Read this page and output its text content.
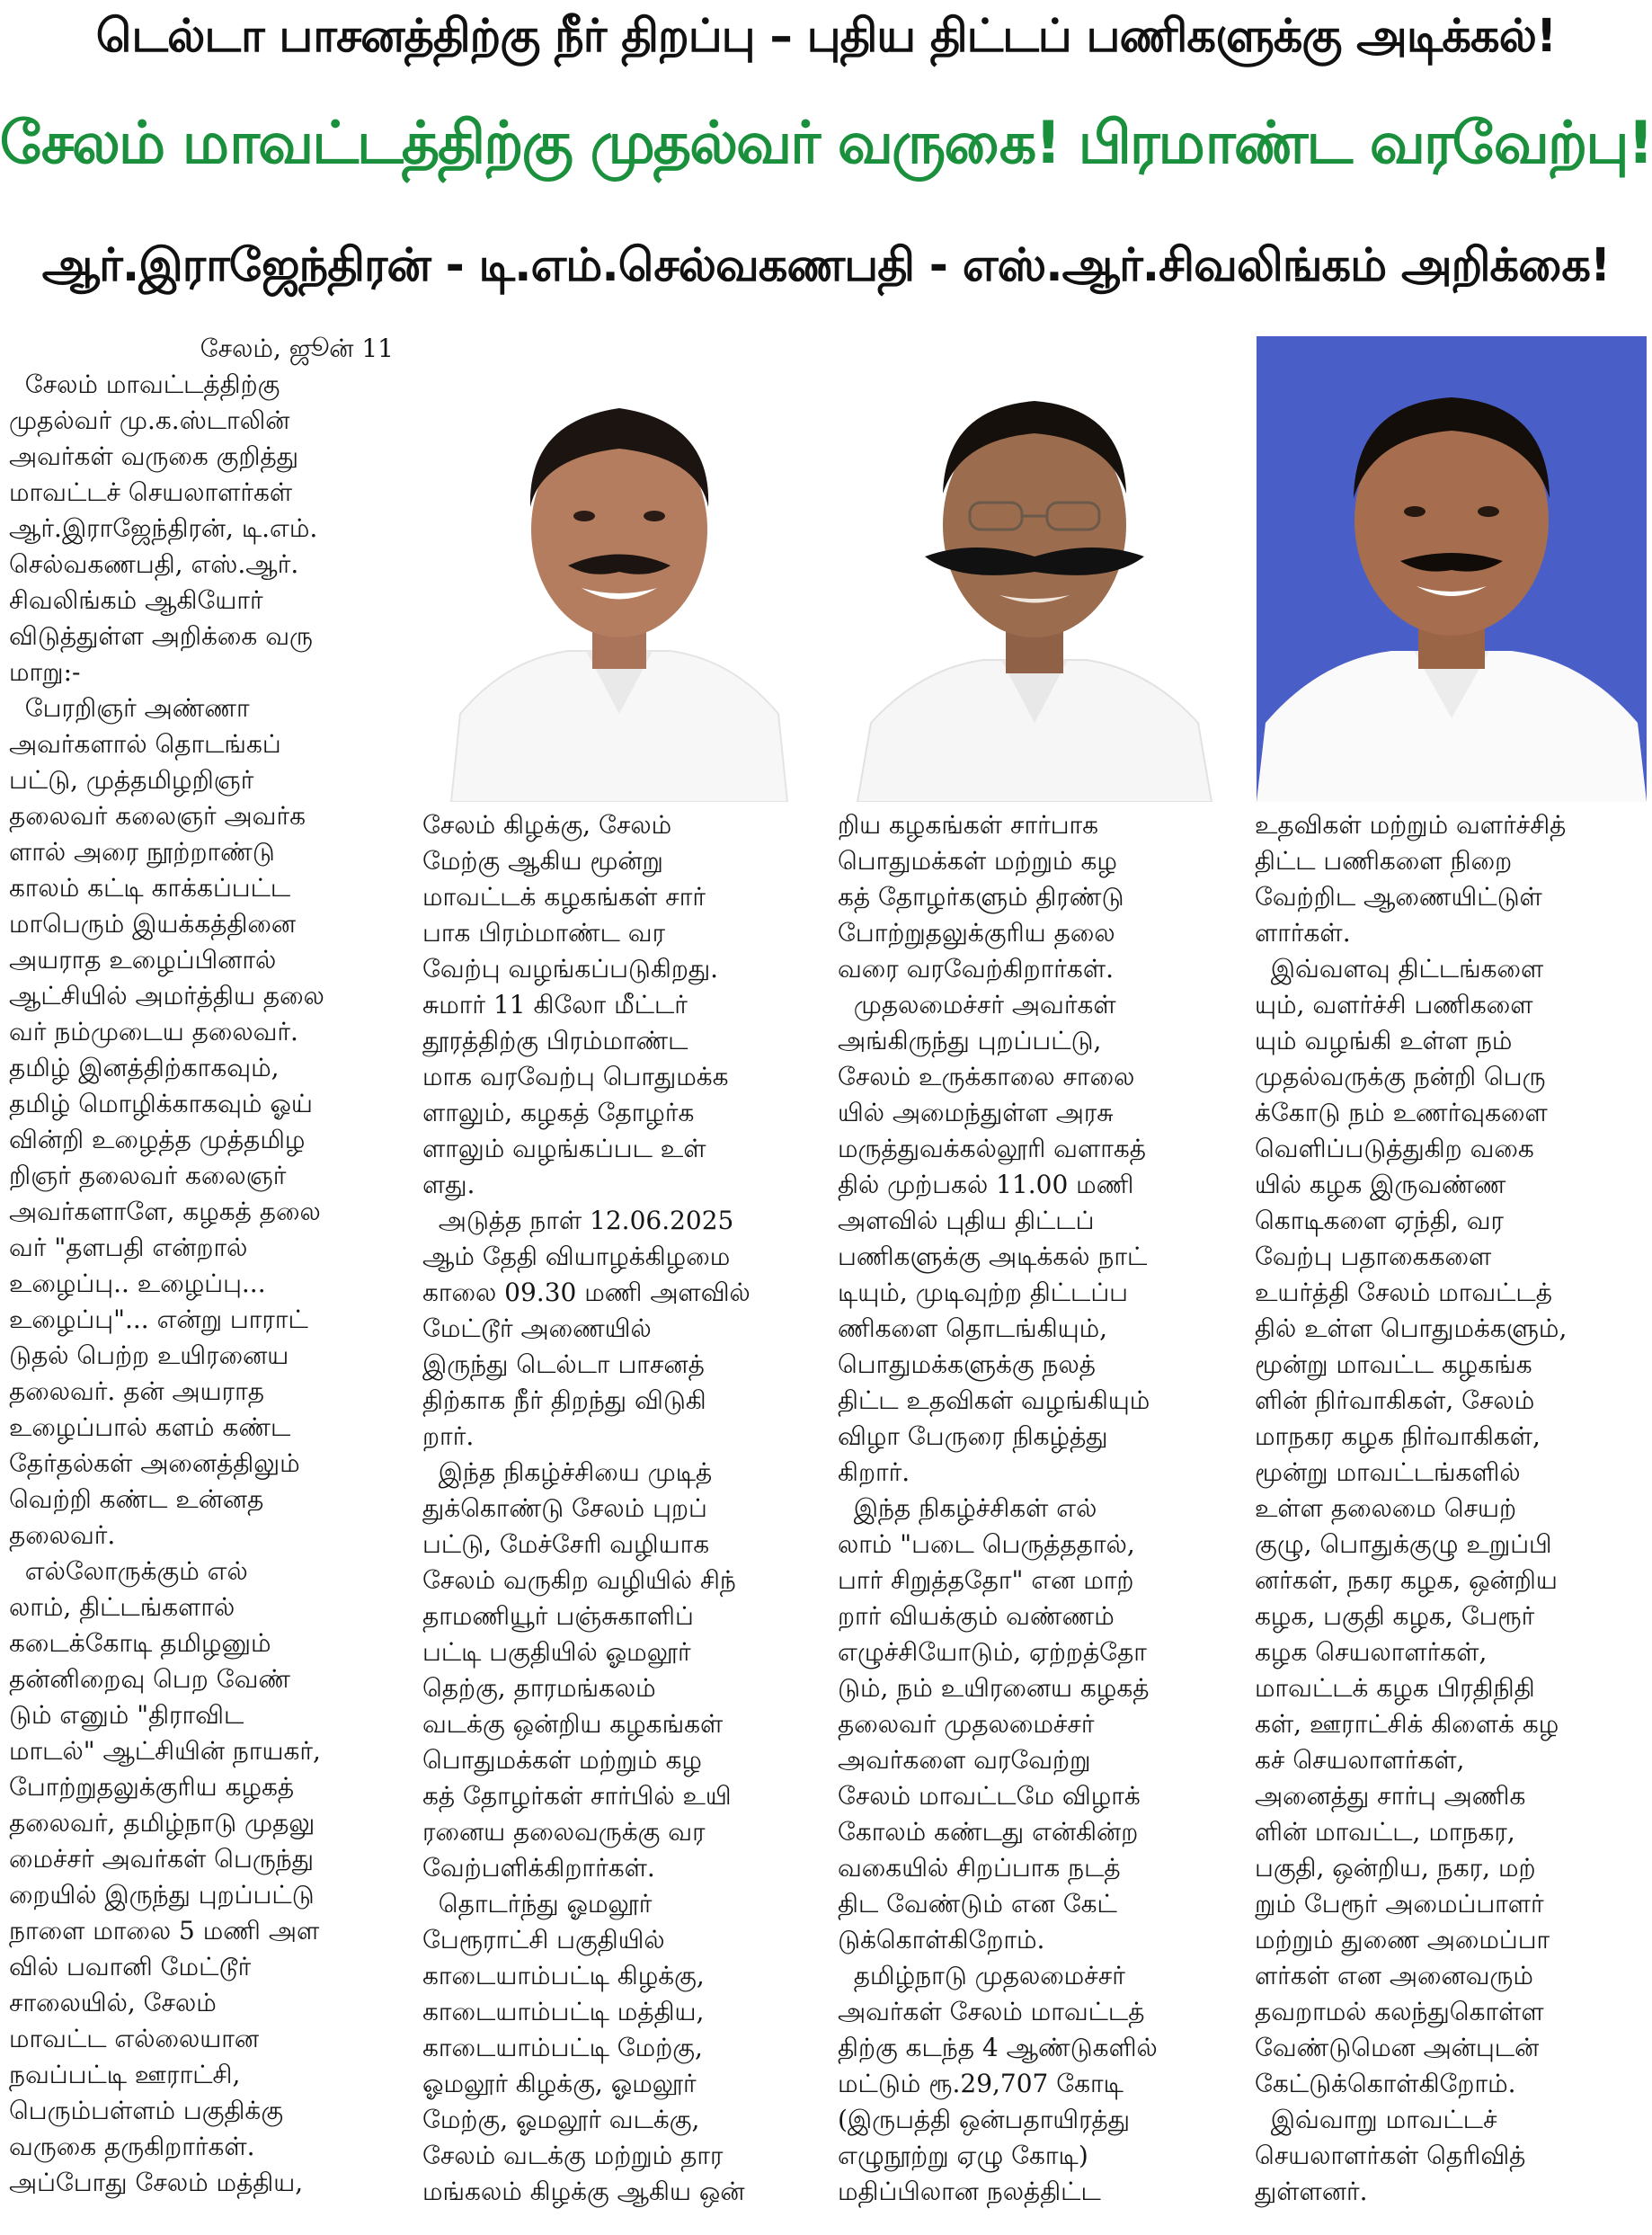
டெல்டா பாசனத்திற்கு நீர் திறப்பு – புதிய திட்டப் பணிகளுக்கு அடிக்கல்!
சேலம் மாவட்டத்திற்கு முதல்வர் வருகை! பிரமாண்ட வரவேற்பு!
ஆர்.இராஜேந்திரன் - டி.எம்.செல்வகணபதி - எஸ்.ஆர்.சிவலிங்கம் அறிக்கை!
சேலம், ஜூன் 11
சேலம் மாவட்டத்திற்கு
முதல்வர் மு.க.ஸ்டாலின்
அவர்கள் வருகை குறித்து
மாவட்டச் செயலாளர்கள்
ஆர்.இராஜேந்திரன், டி.எம்.
செல்வகணபதி, எஸ்.ஆர்.
சிவலிங்கம் ஆகியோர்
விடுத்துள்ள அறிக்கை வரு
மாறு:-
பேரறிஞர் அண்ணா
அவர்களால் தொடங்கப்
பட்டு, முத்தமிழறிஞர்
தலைவர் கலைஞர் அவர்க
ளால் அரை நூற்றாண்டு
காலம் கட்டி காக்கப்பட்ட
மாபெரும் இயக்கத்தினை
அயராத உழைப்பினால்
ஆட்சியில் அமர்த்திய தலை
வர் நம்முடைய தலைவர்.
தமிழ் இனத்திற்காகவும்,
தமிழ் மொழிக்காகவும் ஓய்
வின்றி உழைத்த முத்தமிழ
றிஞர் தலைவர் கலைஞர்
அவர்களாளே, கழகத் தலை
வர் "தளபதி என்றால்
உழைப்பு.. உழைப்பு...
உழைப்பு"... என்று பாராட்
டுதல் பெற்ற உயிரனைய
தலைவர். தன் அயராத
உழைப்பால் களம் கண்ட
தேர்தல்கள் அனைத்திலும்
வெற்றி கண்ட உன்னத
தலைவர்.
எல்லோருக்கும் எல்
லாம், திட்டங்களால்
கடைக்கோடி தமிழனும்
தன்னிறைவு பெற வேண்
டும் எனும் "திராவிட
மாடல்" ஆட்சியின் நாயகர்,
போற்றுதலுக்குரிய கழகத்
தலைவர், தமிழ்நாடு முதலு
மைச்சர் அவர்கள் பெருந்து
றையில் இருந்து புறப்பட்டு
நாளை மாலை 5 மணி அள
வில் பவானி மேட்டூர்
சாலையில், சேலம்
மாவட்ட எல்லையான
நவப்பட்டி ஊராட்சி,
பெரும்பள்ளம் பகுதிக்கு
வருகை தருகிறார்கள்.
அப்போது சேலம் மத்திய,
சேலம் கிழக்கு, சேலம்
மேற்கு ஆகிய மூன்று
மாவட்டக் கழகங்கள் சார்
பாக பிரம்மாண்ட வர
வேற்பு வழங்கப்படுகிறது.
சுமார் 11 கிலோ மீட்டர்
தூரத்திற்கு பிரம்மாண்ட
மாக வரவேற்பு பொதுமக்க
ளாலும், கழகத் தோழர்க
ளாலும் வழங்கப்பட உள்
ளது.
அடுத்த நாள் 12.06.2025
ஆம் தேதி வியாழக்கிழமை
காலை 09.30 மணி அளவில்
மேட்டூர் அணையில்
இருந்து டெல்டா பாசனத்
திற்காக நீர் திறந்து விடுகி
றார்.
இந்த நிகழ்ச்சியை முடித்
துக்கொண்டு சேலம் புறப்
பட்டு, மேச்சேரி வழியாக
சேலம் வருகிற வழியில் சிந்
தாமணியூர் பஞ்சுகாளிப்
பட்டி பகுதியில் ஓமலூர்
தெற்கு, தாரமங்கலம்
வடக்கு ஒன்றிய கழகங்கள்
பொதுமக்கள் மற்றும் கழ
கத் தோழர்கள் சார்பில் உயி
ரனைய தலைவருக்கு வர
வேற்பளிக்கிறார்கள்.
தொடர்ந்து ஓமலூர்
பேரூராட்சி பகுதியில்
காடையாம்பட்டி கிழக்கு,
காடையாம்பட்டி மத்திய,
காடையாம்பட்டி மேற்கு,
ஓமலூர் கிழக்கு, ஓமலூர்
மேற்கு, ஓமலூர் வடக்கு,
சேலம் வடக்கு மற்றும் தார
மங்கலம் கிழக்கு ஆகிய ஒன்
றிய கழகங்கள் சார்பாக
பொதுமக்கள் மற்றும் கழ
கத் தோழர்களும் திரண்டு
போற்றுதலுக்குரிய தலை
வரை வரவேற்கிறார்கள்.
முதலமைச்சர் அவர்கள்
அங்கிருந்து புறப்பட்டு,
சேலம் உருக்காலை சாலை
யில் அமைந்துள்ள அரசு
மருத்துவக்கல்லூரி வளாகத்
தில் முற்பகல் 11.00 மணி
அளவில் புதிய திட்டப்
பணிகளுக்கு அடிக்கல் நாட்
டியும், முடிவுற்ற திட்டப்ப
ணிகளை தொடங்கியும்,
பொதுமக்களுக்கு நலத்
திட்ட உதவிகள் வழங்கியும்
விழா பேருரை நிகழ்த்து
கிறார்.
இந்த நிகழ்ச்சிகள் எல்
லாம் "படை பெருத்ததால்,
பார் சிறுத்ததோ" என மாற்
றார் வியக்கும் வண்ணம்
எழுச்சியோடும், ஏற்றத்தோ
டும், நம் உயிரனைய கழகத்
தலைவர் முதலமைச்சர்
அவர்களை வரவேற்று
சேலம் மாவட்டமே விழாக்
கோலம் கண்டது என்கின்ற
வகையில் சிறப்பாக நடத்
திட வேண்டும் என கேட்
டுக்கொள்கிறோம்.
தமிழ்நாடு முதலமைச்சர்
அவர்கள் சேலம் மாவட்டத்
திற்கு கடந்த 4 ஆண்டுகளில்
மட்டும் ரூ.29,707 கோடி
(இருபத்தி ஒன்பதாயிரத்து
எழுநூற்று ஏழு கோடி)
மதிப்பிலான நலத்திட்ட
உதவிகள் மற்றும் வளர்ச்சித்
திட்ட பணிகளை நிறை
வேற்றிட ஆணையிட்டுள்
ளார்கள்.
இவ்வளவு திட்டங்களை
யும், வளர்ச்சி பணிகளை
யும் வழங்கி உள்ள நம்
முதல்வருக்கு நன்றி பெரு
க்கோடு நம் உணர்வுகளை
வெளிப்படுத்துகிற வகை
யில் கழக இருவண்ண
கொடிகளை ஏந்தி, வர
வேற்பு பதாகைகளை
உயர்த்தி சேலம் மாவட்டத்
தில் உள்ள பொதுமக்களும்,
மூன்று மாவட்ட கழகங்க
ளின் நிர்வாகிகள், சேலம்
மாநகர கழக நிர்வாகிகள்,
மூன்று மாவட்டங்களில்
உள்ள தலைமை செயற்
குழு, பொதுக்குழு உறுப்பி
னர்கள், நகர கழக, ஒன்றிய
கழக, பகுதி கழக, பேரூர்
கழக செயலாளர்கள்,
மாவட்டக் கழக பிரதிநிதி
கள், ஊராட்சிக் கிளைக் கழ
கச் செயலாளர்கள்,
அனைத்து சார்பு அணிக
ளின் மாவட்ட, மாநகர,
பகுதி, ஒன்றிய, நகர, மற்
றும் பேரூர் அமைப்பாளர்
மற்றும் துணை அமைப்பா
ளர்கள் என அனைவரும்
தவறாமல் கலந்துகொள்ள
வேண்டுமென அன்புடன்
கேட்டுக்கொள்கிறோம்.
இவ்வாறு மாவட்டச்
செயலாளர்கள் தெரிவித்
துள்ளனர்.
